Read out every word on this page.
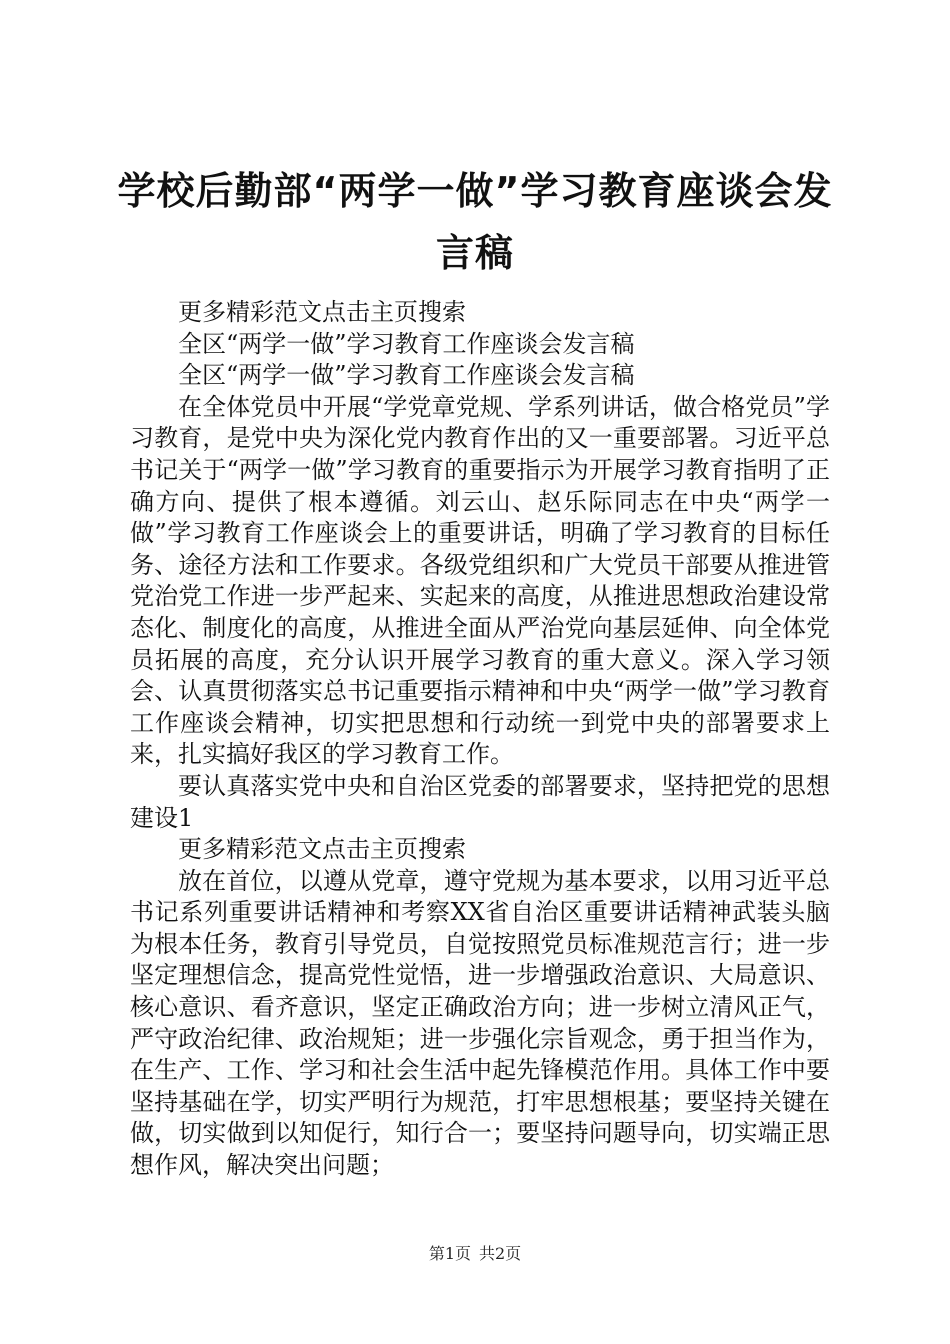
学校后勤部“两学一做”学习教育座谈会发言稿

更多精彩范文点击主页搜索

全区“两学一做”学习教育工作座谈会发言稿

全区“两学一做”学习教育工作座谈会发言稿

在全体党员中开展“学党章党规、学系列讲话，做合格党员”学习教育，是党中央为深化党内教育作出的又一重要部署。习近平总书记关于“两学一做”学习教育的重要指示为开展学习教育指明了正确方向、提供了根本遵循。刘云山、赵乐际同志在中央“两学一做”学习教育工作座谈会上的重要讲话，明确了学习教育的目标任务、途径方法和工作要求。各级党组织和广大党员干部要从推进管党治党工作进一步严起来、实起来的高度，从推进思想政治建设常态化、制度化的高度，从推进全面从严治党向基层延伸、向全体党员拓展的高度，充分认识开展学习教育的重大意义。深入学习领会、认真贯彻落实总书记重要指示精神和中央“两学一做”学习教育工作座谈会精神，切实把思想和行动统一到党中央的部署要求上来，扎实搞好我区的学习教育工作。

要认真落实党中央和自治区党委的部署要求，坚持把党的思想建设1

更多精彩范文点击主页搜索

放在首位，以遵从党章，遵守党规为基本要求，以用习近平总书记系列重要讲话精神和考察XX省自治区重要讲话精神武装头脑为根本任务，教育引导党员，自觉按照党员标准规范言行；进一步坚定理想信念，提高党性觉悟，进一步增强政治意识、大局意识、核心意识、看齐意识，坚定正确政治方向；进一步树立清风正气，严守政治纪律、政治规矩；进一步强化宗旨观念，勇于担当作为，在生产、工作、学习和社会生活中起先锋模范作用。具体工作中要坚持基础在学，切实严明行为规范，打牢思想根基；要坚持关键在做，切实做到以知促行，知行合一；要坚持问题导向，切实端正思想作风，解决突出问题；

第1页 共2页
